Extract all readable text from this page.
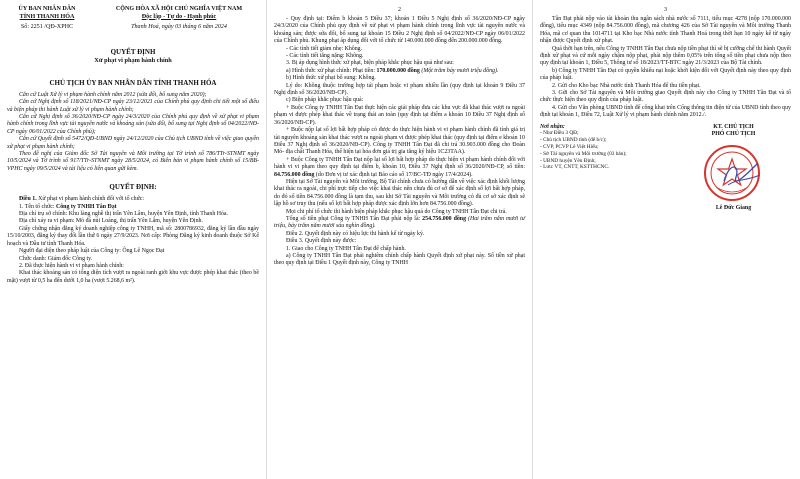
ỦY BAN NHÂN DÂN
TỈNH THANH HÓA
Số: 2251 /QĐ-XPHC
CỘNG HÒA XÃ HỘI CHỦ NGHĨA VIỆT NAM
Độc lập - Tự do - Hạnh phúc
Thanh Hoá, ngày 03 tháng 6 năm 2024
QUYẾT ĐỊNH
Xử phạt vi phạm hành chính
CHỦ TỊCH ỦY BAN NHÂN DÂN TỈNH THANH HÓA

Căn cứ Luật Xử lý vi phạm hành chính năm 2012 (sửa đổi, bổ sung năm 2020);

Căn cứ Nghị định số 118/2021/NĐ-CP ngày 23/12/2021 của Chính phủ quy định chi tiết một số điều và biện pháp thi hành Luật xử lý vi phạm hành chính;

Căn cứ Nghị định số 36/2020/NĐ-CP ngày 24/3/2020 của Chính phủ quy định về xử phạt vi phạm hành chính trong lĩnh vực tài nguyên nước và khoáng sản (sửa đổi, bổ sung tại Nghị định số 04/2022/NĐ-CP ngày 06/01/2022 của Chính phủ);

Căn cứ Quyết định số 5472/QĐ-UBND ngày 24/12/2020 của Chủ tịch UBND tỉnh về việc giao quyền xử phạt vi phạm hành chính;

Theo đề nghị của Giám đốc Sở Tài nguyên và Môi trường tại Tờ trình số 786/TTr-STNMT ngày 10/5/2024 và Tờ trình số 917/TTr-STNMT ngày 28/5/2024, có Biên bản vi phạm hành chính số 15/BB-VPHC ngày 09/5/2024 và tài liệu có liên quan gửi kèm.

QUYẾT ĐỊNH:

Điều 1. Xử phạt vi phạm hành chính đối với tổ chức:

1. Tên tổ chức: Công ty TNHH Tân Đạt

Địa chỉ trụ sở chính: Khu làng nghề thị trấn Yên Lâm, huyện Yên Định, tỉnh Thanh Hóa.

Địa chỉ xảy ra vi phạm: Mỏ đá núi Loáng, thị trấn Yên Lâm, huyện Yên Định.

Giấy chứng nhận đăng ký doanh nghiệp công ty TNHH, mã số: 2800786932, đăng ký lần đầu ngày 15/10/2003, đăng ký thay đổi lần thứ 6 ngày 27/9/2023. Nơi cấp: Phòng Đăng ký kinh doanh thuộc Sở Kế hoạch và Đầu tư tỉnh Thanh Hóa.

Người đại diện theo pháp luật của Công ty: Ông Lê Ngọc Đạt

Chức danh: Giám đốc Công ty.

2. Đã thực hiện hành vi vi phạm hành chính:

Khai thác khoáng sản có tổng diện tích vượt ra ngoài ranh giới khu vực được phép khai thác (theo bề mặt) vượt từ 0,5 ha đến dưới 1,0 ha (vượt 5.268,6 m²).

2

- Quy định tại: Điểm b khoản 5 Điều 37; khoản 1 Điều 5 Nghị định số 36/2020/NĐ-CP ngày 24/3/2020 của Chính phủ quy định về xử phạt vi phạm hành chính trong lĩnh vực tài nguyên nước và khoáng sản; được sửa đổi, bổ sung tại khoản 15 Điều 2 Nghị định số 04/2022/NĐ-CP ngày 06/01/2022 của Chính phủ. Khung phạt áp dụng đối với tổ chức từ 140.000.000 đồng đến 200.000.000 đồng.

- Các tình tiết giảm nhẹ: Không.

- Các tình tiết tăng nặng: Không.

3. Bị áp dụng hình thức xử phạt, biện pháp khắc phục hậu quả như sau:

a) Hình thức xử phạt chính: Phạt tiền: 170.000.000 đồng (Một trăm bảy mươi triệu đồng).

b) Hình thức xử phạt bổ sung: Không.

Lý do: Không thuộc trường hợp tái phạm hoặc vi phạm nhiều lần (quy định tại khoản 9 Điều 37 Nghị định số 36/2020/NĐ-CP).

c) Biện pháp khắc phục hậu quả:

+ Buộc Công ty TNHH Tân Đạt thực hiện các giải pháp đưa các khu vực đã khai thác vượt ra ngoài phạm vi được phép khai thác về trạng thái an toàn (quy định tại điểm a khoản 10 Điều 37 Nghị định số 36/2020/NĐ-CP).

+ Buộc nộp lại số lợi bất hợp pháp có được do thực hiện hành vi vi phạm hành chính đã tính giá trị tài nguyên khoáng sản khai thác vượt ra ngoài phạm vi được phép khai thác (quy định tại điểm e khoản 10 Điều 37 Nghị định số 36/2020/NĐ-CP). Công ty TNHH Tân Đạt đã chi trả 30.903.000 đồng cho Đoàn Mỏ- địa chất Thanh Hóa, thể hiện tại hóa đơn giá trị gia tăng ký hiệu 1C23TAA).

+ Buộc Công ty TNHH Tân Đạt nộp lại số lợi bất hợp pháp do thực hiện vi phạm hành chính đối với hành vi vi phạm theo quy định tại điểm b, khoản 10, Điều 37 Nghị định số 36/2020/NĐ-CP, số tiền: 84.756.000 đồng (do Đơn vị tư xác định tại Báo cáo số 17/BC-TĐ ngày 17/4/2024).

Hiện tại Sở Tài nguyên và Môi trường, Bộ Tài chính chưa có hướng dẫn về việc xác định khối lượng khai thác ra ngoài, chi phí trực tiếp cho việc khai thác nên chưa đủ cơ sở để xác định số lợi bất hợp pháp, do đó số tiền 84.756.000 đồng là tạm thu, sau khi Sở Tài nguyên và Môi trường có đủ cơ sở xác định sẽ lập hồ sơ truy thu (nếu số lợi bất hợp pháp được xác định lớn hơn 84.756.000 đồng).

Mọi chi phí tổ chức thi hành biện pháp khắc phục hậu quả do Công ty TNHH Tân Đạt chi trả.

Tổng số tiền phạt Công ty TNHH Tân Đạt phải nộp là: 254.756.000 đồng (Hai trăm năm mươi tư triệu, bảy trăm năm mươi sáu nghìn đồng).

Điều 2. Quyết định này có hiệu lực thi hành kể từ ngày ký.

Điều 3. Quyết định này được:

1. Giao cho Công ty TNHH Tân Đạt để chấp hành.

a) Công ty TNHH Tân Đạt phải nghiêm chỉnh chấp hành Quyết định xử phạt này. Số tiền xử phạt theo quy định tại Điều 1 Quyết định này, Công ty TNHH

3

Tân Đạt phải nộp vào tài khoản thu ngân sách nhà nước số 7111, tiểu mục 4278 (nộp 170.000.000 đồng), tiểu mục 4349 (nộp 84.756.000 đồng), mã chương 426 của Sở Tài nguyên và Môi trường Thanh Hóa, mã cơ quan thu 1014711 tại Kho bạc Nhà nước tỉnh Thanh Hoá trong thời hạn 10 ngày kể từ ngày nhận được Quyết định xử phạt.

Quá thời hạn trên, nếu Công ty TNHH Tân Đạt chưa nộp tiền phạt thì sẽ bị cưỡng chế thi hành Quyết định xử phạt và cứ mỗi ngày chậm nộp phạt, phải nộp thêm 0,05% trên tổng số tiền phạt chưa nộp theo quy định tại khoản 1, Điều 5, Thông tư số 18/2023/TT-BTC ngày 21/3/2023 của Bộ Tài chính.

b) Công ty TNHH Tân Đạt có quyền khiếu nại hoặc khởi kiện đối với Quyết định này theo quy định của pháp luật.

2. Gửi cho Kho bạc Nhà nước tỉnh Thanh Hóa để thu tiền phạt.

3. Gửi cho Sở Tài nguyên và Môi trường giao Quyết định này cho Công ty TNHH Tân Đạt và tổ chức thực hiện theo quy định của pháp luật.

4. Gửi cho Văn phòng UBND tỉnh để công khai trên Cổng thông tin điện tử của UBND tỉnh theo quy định tại khoản 1, Điều 72, Luật Xử lý vi phạm hành chính năm 2012./.

Nơi nhận:
- Như Điều 3 QĐ;
- Chủ tịch UBND tỉnh (để b/c);
- CVP, PCVP Lê Việt Hiếu;
- Sở Tài nguyên và Môi trường (03 bản);
- UBND huyện Yên Định;
- Lưu: VT, CNTT, KSTTHCNC.
KT. CHỦ TỊCH
PHÓ CHỦ TỊCH
Lê Đức Giang
